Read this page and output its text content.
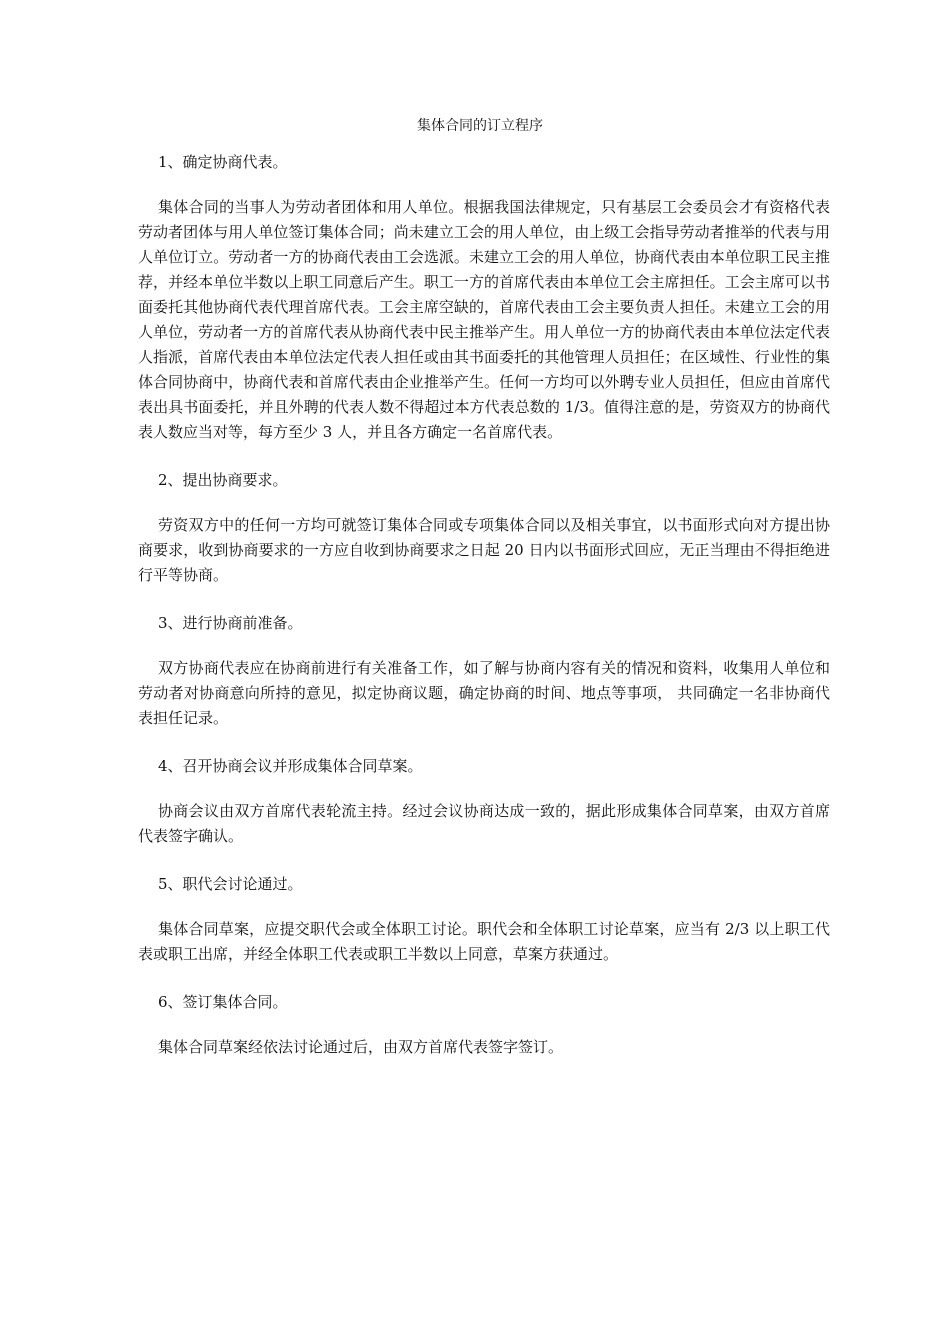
集体合同的订立程序

1、确定协商代表。

集体合同的当事人为劳动者团体和用人单位。根据我国法律规定，只有基层工会委员会才有资格代表劳动者团体与用人单位签订集体合同；尚未建立工会的用人单位，由上级工会指导劳动者推举的代表与用人单位订立。劳动者一方的协商代表由工会选派。未建立工会的用人单位，协商代表由本单位职工民主推荐，并经本单位半数以上职工同意后产生。职工一方的首席代表由本单位工会主席担任。工会主席可以书面委托其他协商代表代理首席代表。工会主席空缺的，首席代表由工会主要负责人担任。未建立工会的用人单位，劳动者一方的首席代表从协商代表中民主推举产生。用人单位一方的协商代表由本单位法定代表人指派，首席代表由本单位法定代表人担任或由其书面委托的其他管理人员担任；在区域性、行业性的集体合同协商中，协商代表和首席代表由企业推举产生。任何一方均可以外聘专业人员担任，但应由首席代表出具书面委托，并且外聘的代表人数不得超过本方代表总数的 1/3。值得注意的是，劳资双方的协商代表人数应当对等，每方至少 3 人，并且各方确定一名首席代表。

2、提出协商要求。

劳资双方中的任何一方均可就签订集体合同或专项集体合同以及相关事宜，以书面形式向对方提出协商要求，收到协商要求的一方应自收到协商要求之日起 20 日内以书面形式回应，无正当理由不得拒绝进行平等协商。

3、进行协商前准备。

双方协商代表应在协商前进行有关准备工作，如了解与协商内容有关的情况和资料，收集用人单位和劳动者对协商意向所持的意见，拟定协商议题，确定协商的时间、地点等事项， 共同确定一名非协商代表担任记录。

4、召开协商会议并形成集体合同草案。

协商会议由双方首席代表轮流主持。经过会议协商达成一致的，据此形成集体合同草案，由双方首席代表签字确认。

5、职代会讨论通过。

集体合同草案，应提交职代会或全体职工讨论。职代会和全体职工讨论草案，应当有 2/3 以上职工代表或职工出席，并经全体职工代表或职工半数以上同意，草案方获通过。

6、签订集体合同。

集体合同草案经依法讨论通过后，由双方首席代表签字签订。
